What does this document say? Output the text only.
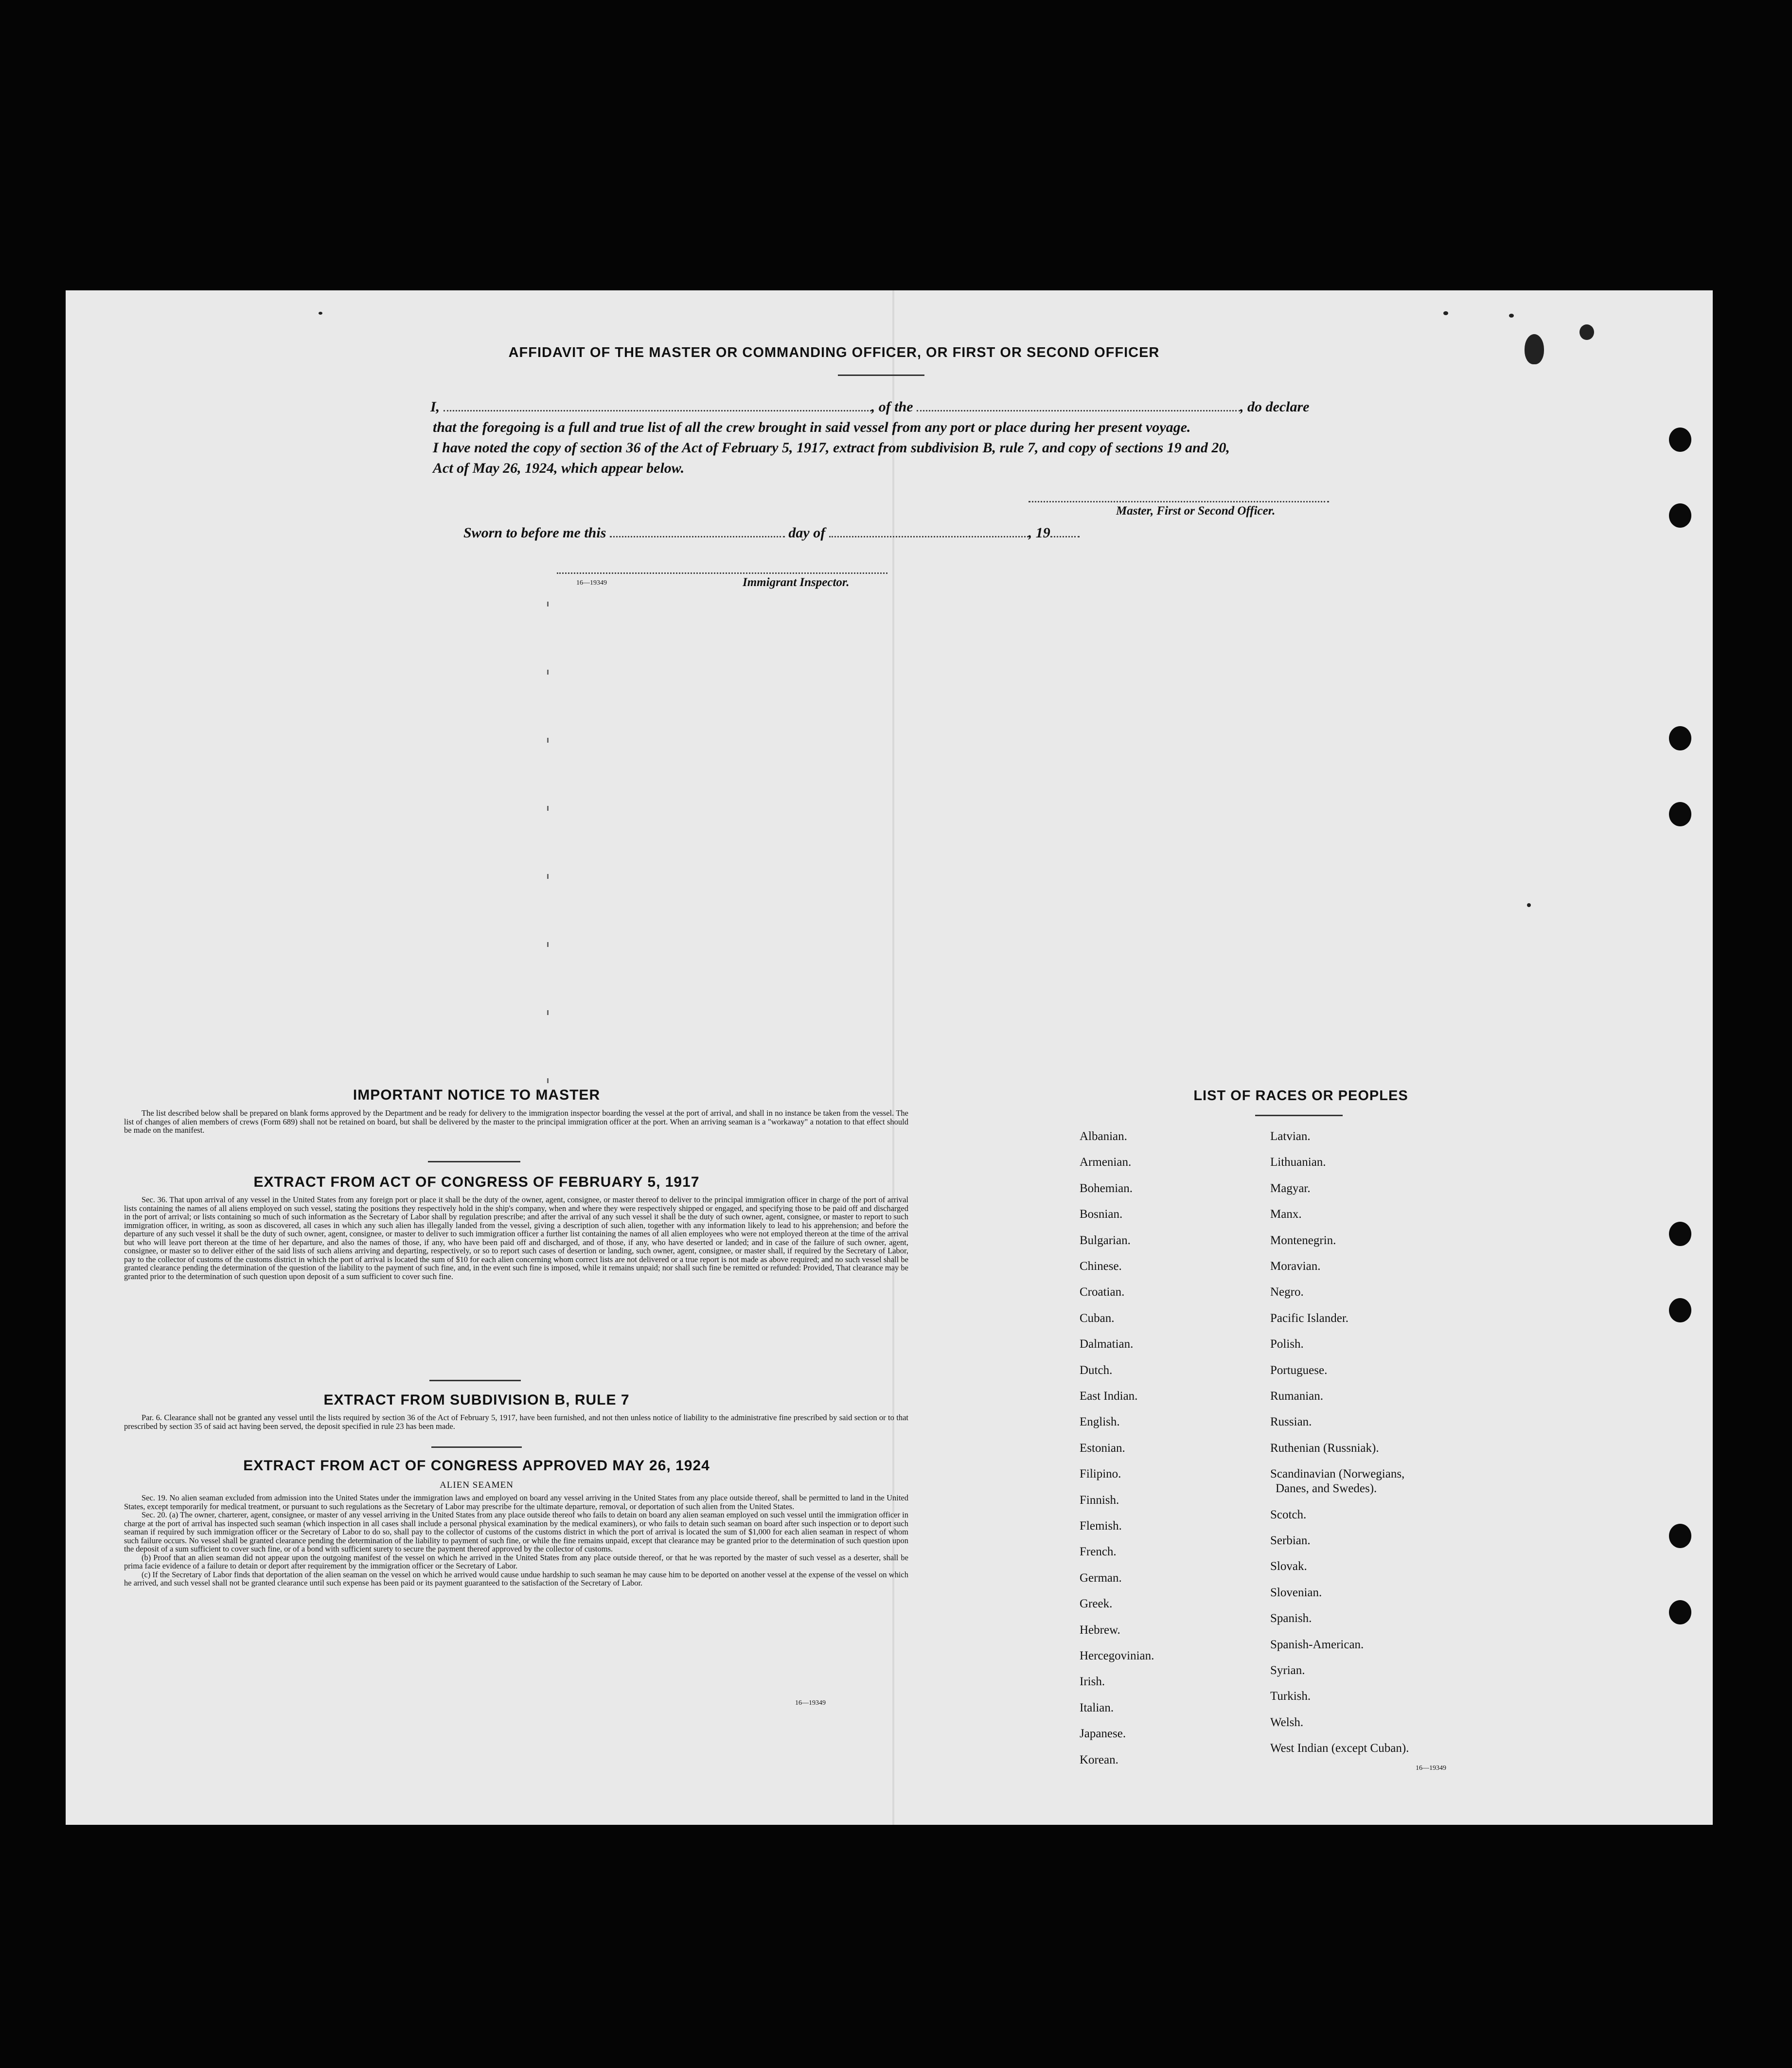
AFFIDAVIT OF THE MASTER OR COMMANDING OFFICER, OR FIRST OR SECOND OFFICER
I,	, of the	, do declare
that the foregoing is a full and true list of all the crew brought in said vessel from any port or place during her present voyage.
I have noted the copy of section 36 of the Act of February 5, 1917, extract from subdivision B, rule 7, and copy of sections 19 and 20,
Act of May 26, 1924, which appear below.
Master, First or Second Officer.
Sworn to before me this	day of	, 19
16—19349	Immigrant Inspector.
IMPORTANT NOTICE TO MASTER

The list described below shall be prepared on blank forms approved by the Department and be ready for delivery to the immigration inspector boarding the vessel at the port of arrival, and shall in no instance be taken from the vessel. The list of changes of alien members of crews (Form 689) shall not be retained on board, but shall be delivered by the master to the principal immigration officer at the port. When an arriving seaman is a "workaway" a notation to that effect should be made on the manifest.

EXTRACT FROM ACT OF CONGRESS OF FEBRUARY 5, 1917

Sec. 36. That upon arrival of any vessel in the United States from any foreign port or place it shall be the duty of the owner, agent, consignee, or master thereof to deliver to the principal immigration officer in charge of the port of arrival lists containing the names of all aliens employed on such vessel, stating the positions they respectively hold in the ship's company, when and where they were respectively shipped or engaged, and specifying those to be paid off and discharged in the port of arrival; or lists containing so much of such information as the Secretary of Labor shall by regulation prescribe; and after the arrival of any such vessel it shall be the duty of such owner, agent, consignee, or master to report to such immigration officer, in writing, as soon as discovered, all cases in which any such alien has illegally landed from the vessel, giving a description of such alien, together with any information likely to lead to his apprehension; and before the departure of any such vessel it shall be the duty of such owner, agent, consignee, or master to deliver to such immigration officer a further list containing the names of all alien employees who were not employed thereon at the time of the arrival but who will leave port thereon at the time of her departure, and also the names of those, if any, who have been paid off and discharged, and of those, if any, who have deserted or landed; and in case of the failure of such owner, agent, consignee, or master so to deliver either of the said lists of such aliens arriving and departing, respectively, or so to report such cases of desertion or landing, such owner, agent, consignee, or master shall, if required by the Secretary of Labor, pay to the collector of customs of the customs district in which the port of arrival is located the sum of $10 for each alien concerning whom correct lists are not delivered or a true report is not made as above required; and no such vessel shall be granted clearance pending the determination of the question of the liability to the payment of such fine, and, in the event such fine is imposed, while it remains unpaid; nor shall such fine be remitted or refunded: Provided, That clearance may be granted prior to the determination of such question upon deposit of a sum sufficient to cover such fine.

EXTRACT FROM SUBDIVISION B, RULE 7

Par. 6. Clearance shall not be granted any vessel until the lists required by section 36 of the Act of February 5, 1917, have been furnished, and not then unless notice of liability to the administrative fine prescribed by said section or to that prescribed by section 35 of said act having been served, the deposit specified in rule 23 has been made.

EXTRACT FROM ACT OF CONGRESS APPROVED MAY 26, 1924
ALIEN SEAMEN

Sec. 19. No alien seaman excluded from admission into the United States under the immigration laws and employed on board any vessel arriving in the United States from any place outside thereof, shall be permitted to land in the United States, except temporarily for medical treatment, or pursuant to such regulations as the Secretary of Labor may prescribe for the ultimate departure, removal, or deportation of such alien from the United States.

Sec. 20. (a) The owner, charterer, agent, consignee, or master of any vessel arriving in the United States from any place outside thereof who fails to detain on board any alien seaman employed on such vessel until the immigration officer in charge at the port of arrival has inspected such seaman (which inspection in all cases shall include a personal physical examination by the medical examiners), or who fails to detain such seaman on board after such inspection or to deport such seaman if required by such immigration officer or the Secretary of Labor to do so, shall pay to the collector of customs of the customs district in which the port of arrival is located the sum of $1,000 for each alien seaman in respect of whom such failure occurs. No vessel shall be granted clearance pending the determination of the liability to payment of such fine, or while the fine remains unpaid, except that clearance may be granted prior to the determination of such question upon the deposit of a sum sufficient to cover such fine, or of a bond with sufficient surety to secure the payment thereof approved by the collector of customs.

(b) Proof that an alien seaman did not appear upon the outgoing manifest of the vessel on which he arrived in the United States from any place outside thereof, or that he was reported by the master of such vessel as a deserter, shall be prima facie evidence of a failure to detain or deport after requirement by the immigration officer or the Secretary of Labor.

(c) If the Secretary of Labor finds that deportation of the alien seaman on the vessel on which he arrived would cause undue hardship to such seaman he may cause him to be deported on another vessel at the expense of the vessel on which he arrived, and such vessel shall not be granted clearance until such expense has been paid or its payment guaranteed to the satisfaction of the Secretary of Labor.

16—19349
LIST OF RACES OR PEOPLES
16—19349
Albanian.
Armenian.
Bohemian.
Bosnian.
Bulgarian.
Chinese.
Croatian.
Cuban.
Dalmatian.
Dutch.
East Indian.
English.
Estonian.
Filipino.
Finnish.
Flemish.
French.
German.
Greek.
Hebrew.
Hercegovinian.
Irish.
Italian.
Japanese.
Korean.
Latvian.
Lithuanian.
Magyar.
Manx.
Montenegrin.
Moravian.
Negro.
Pacific Islander.
Polish.
Portuguese.
Rumanian.
Russian.
Ruthenian (Russniak).
Scandinavian (Norwegians,
Danes, and Swedes).
Scotch.
Serbian.
Slovak.
Slovenian.
Spanish.
Spanish-American.
Syrian.
Turkish.
Welsh.
West Indian (except Cuban).
